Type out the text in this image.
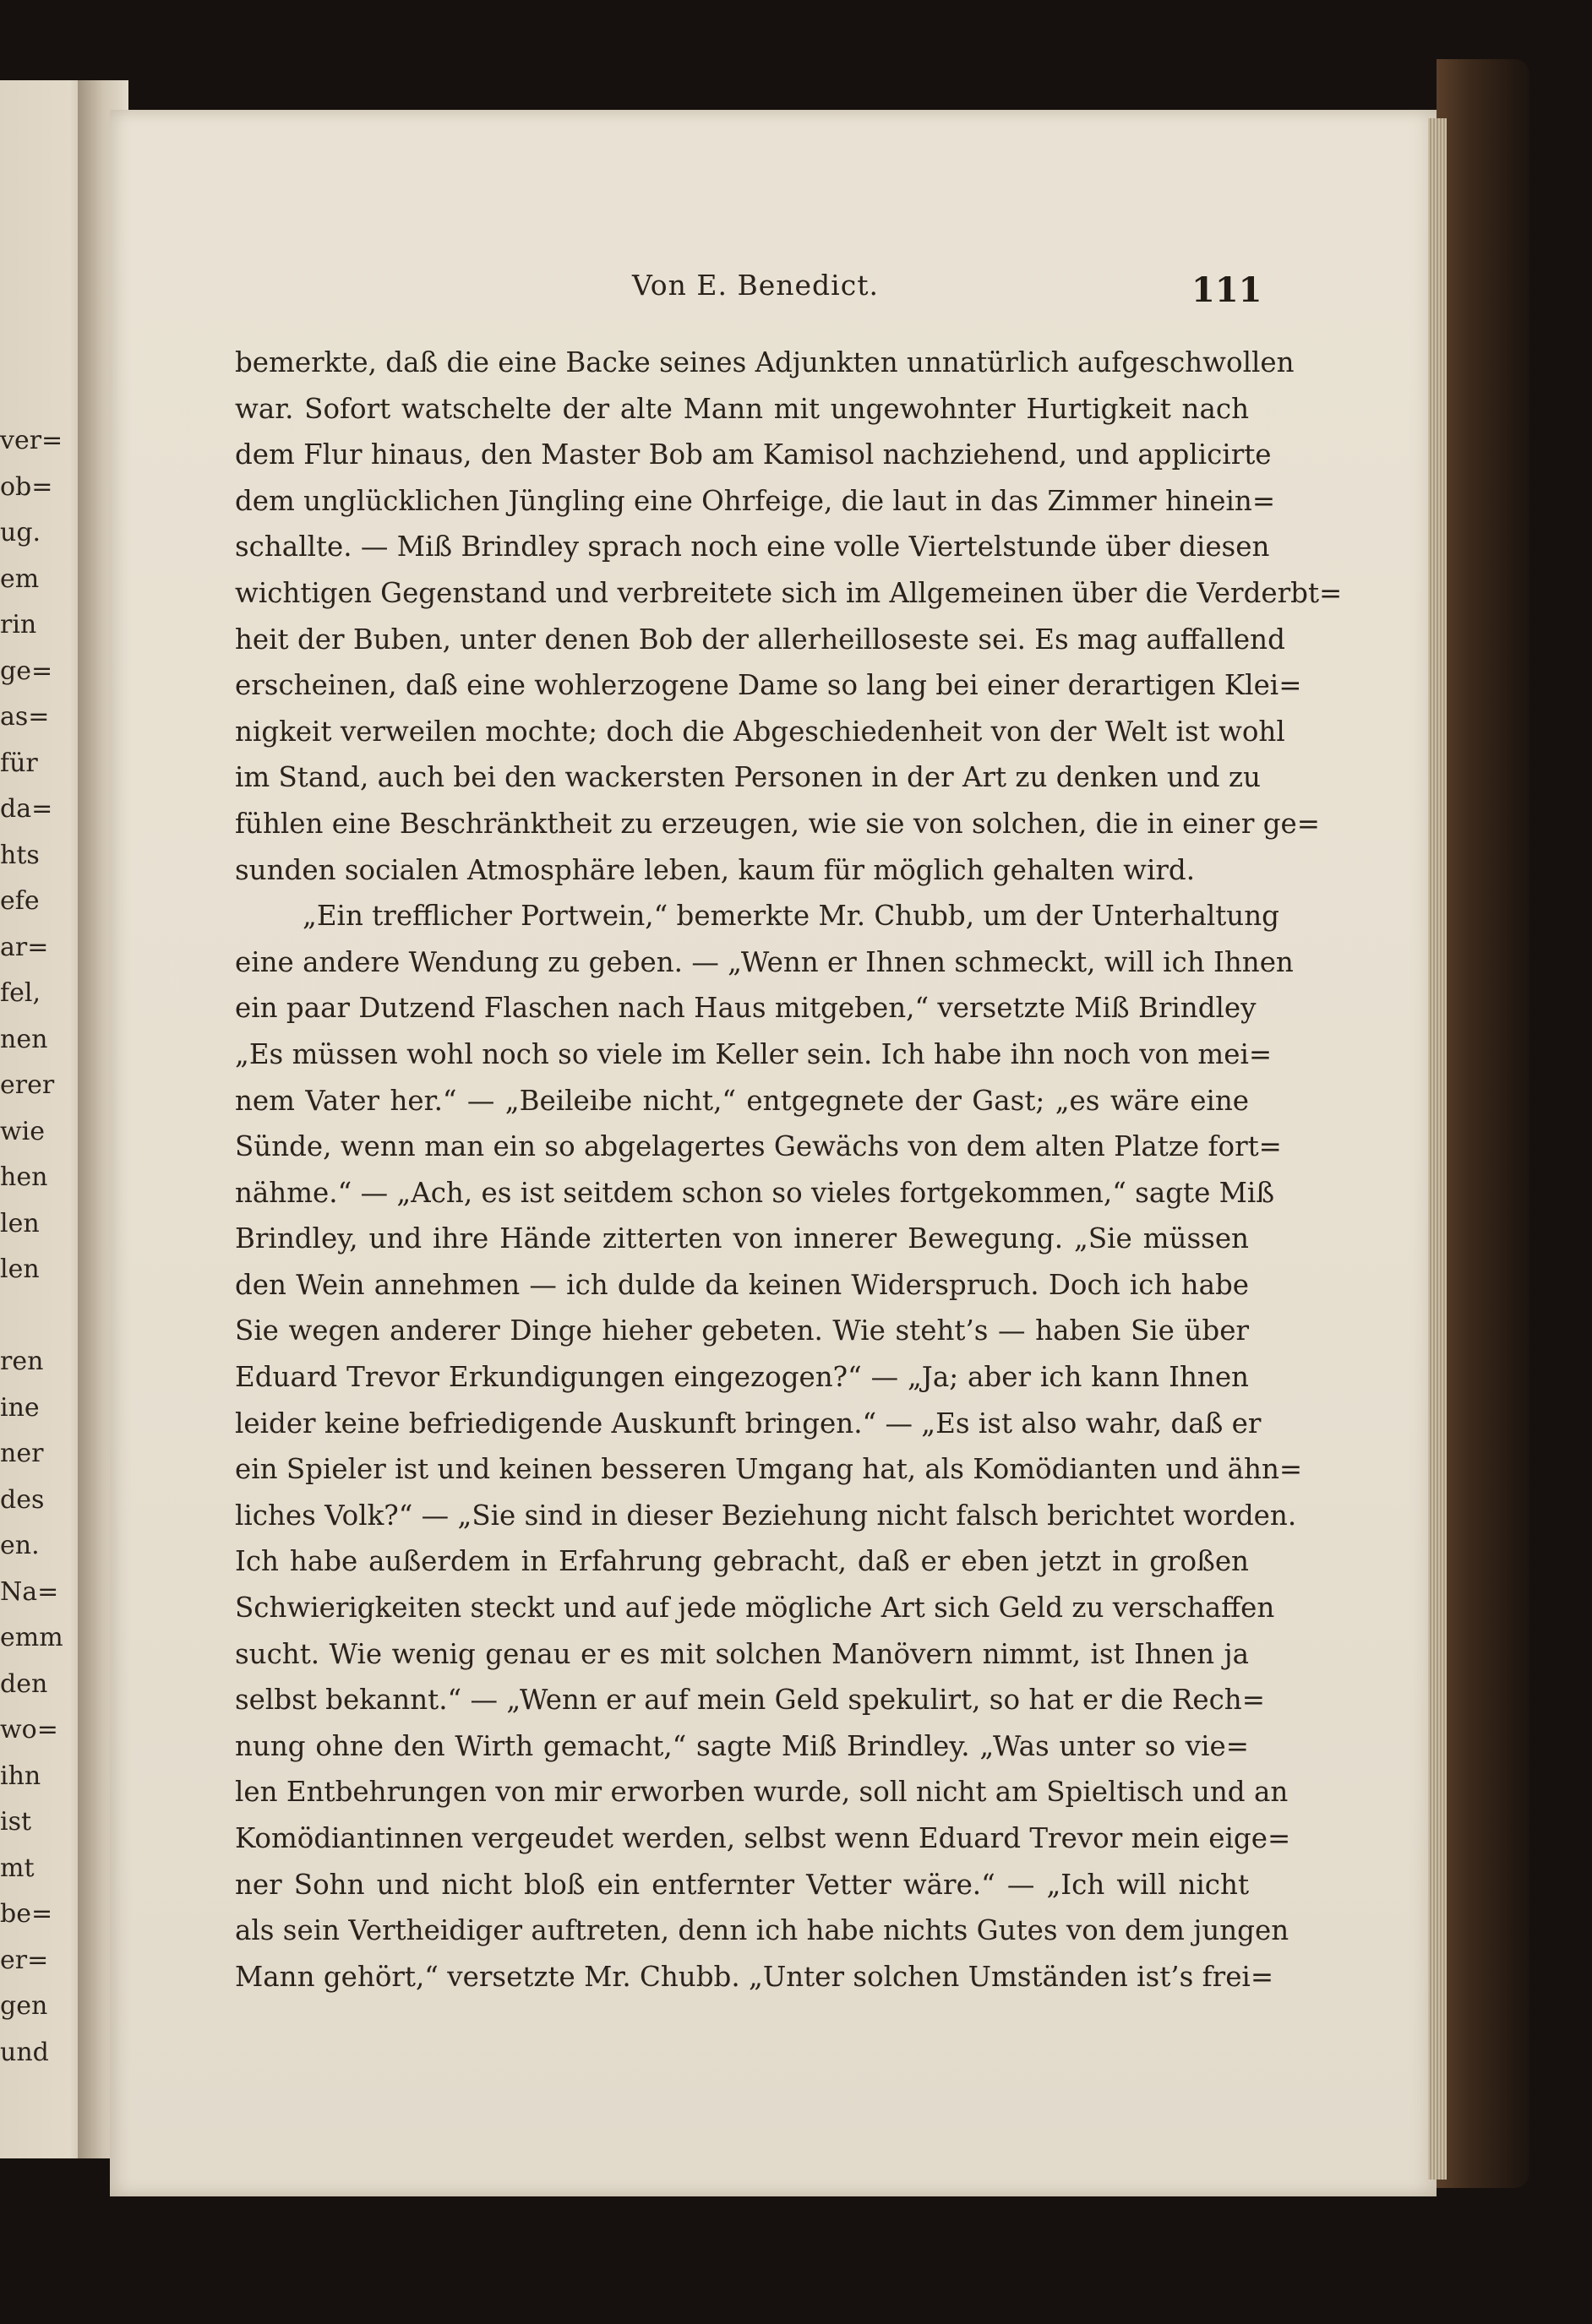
ver=
ob=
ug.
em
rin
ge=
as=
für
da=
hts
efe
ar=
fel,
nen
erer
wie
hen
len
len
ren
ine
ner
des
en.
Na=
emm
den
wo=
ihn
ist
mt
be=
er=
gen
und
Von E. Benedict.	111
bemerkte, daß die eine Backe seines Adjunkten unnatürlich aufgeschwollen
war. Sofort watschelte der alte Mann mit ungewohnter Hurtigkeit nach
dem Flur hinaus, den Master Bob am Kamisol nachziehend, und applicirte
dem unglücklichen Jüngling eine Ohrfeige, die laut in das Zimmer hinein=
schallte. — Miß Brindley sprach noch eine volle Viertelstunde über diesen
wichtigen Gegenstand und verbreitete sich im Allgemeinen über die Verderbt=
heit der Buben, unter denen Bob der allerheilloseste sei. Es mag auffallend
erscheinen, daß eine wohlerzogene Dame so lang bei einer derartigen Klei=
nigkeit verweilen mochte; doch die Abgeschiedenheit von der Welt ist wohl
im Stand, auch bei den wackersten Personen in der Art zu denken und zu
fühlen eine Beschränktheit zu erzeugen, wie sie von solchen, die in einer ge=
sunden socialen Atmosphäre leben, kaum für möglich gehalten wird.
„Ein trefflicher Portwein,“ bemerkte Mr. Chubb, um der Unterhaltung
eine andere Wendung zu geben. — „Wenn er Ihnen schmeckt, will ich Ihnen
ein paar Dutzend Flaschen nach Haus mitgeben,“ versetzte Miß Brindley
„Es müssen wohl noch so viele im Keller sein. Ich habe ihn noch von mei=
nem Vater her.“ — „Beileibe nicht,“ entgegnete der Gast; „es wäre eine
Sünde, wenn man ein so abgelagertes Gewächs von dem alten Platze fort=
nähme.“ — „Ach, es ist seitdem schon so vieles fortgekommen,“ sagte Miß
Brindley, und ihre Hände zitterten von innerer Bewegung. „Sie müssen
den Wein annehmen — ich dulde da keinen Widerspruch. Doch ich habe
Sie wegen anderer Dinge hieher gebeten. Wie steht’s — haben Sie über
Eduard Trevor Erkundigungen eingezogen?“ — „Ja; aber ich kann Ihnen
leider keine befriedigende Auskunft bringen.“ — „Es ist also wahr, daß er
ein Spieler ist und keinen besseren Umgang hat, als Komödianten und ähn=
liches Volk?“ — „Sie sind in dieser Beziehung nicht falsch berichtet worden.
Ich habe außerdem in Erfahrung gebracht, daß er eben jetzt in großen
Schwierigkeiten steckt und auf jede mögliche Art sich Geld zu verschaffen
sucht. Wie wenig genau er es mit solchen Manövern nimmt, ist Ihnen ja
selbst bekannt.“ — „Wenn er auf mein Geld spekulirt, so hat er die Rech=
nung ohne den Wirth gemacht,“ sagte Miß Brindley. „Was unter so vie=
len Entbehrungen von mir erworben wurde, soll nicht am Spieltisch und an
Komödiantinnen vergeudet werden, selbst wenn Eduard Trevor mein eige=
ner Sohn und nicht bloß ein entfernter Vetter wäre.“ — „Ich will nicht
als sein Vertheidiger auftreten, denn ich habe nichts Gutes von dem jungen
Mann gehört,“ versetzte Mr. Chubb. „Unter solchen Umständen ist’s frei=
